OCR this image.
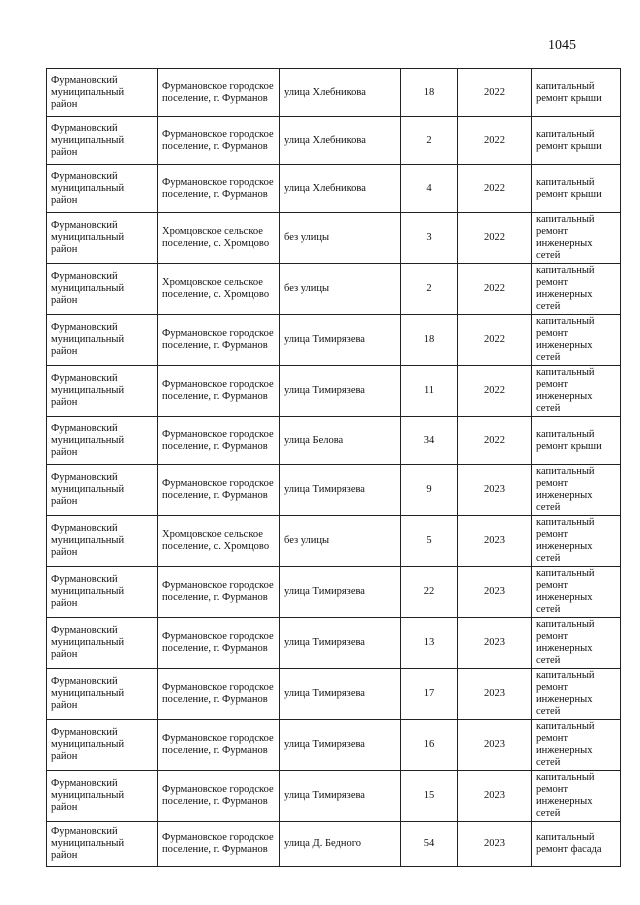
1045
Фурмановский муниципальный район	Фурмановское городское поселение, г. Фурманов	улица Хлебникова	18	2022	капитальный ремонт крыши
Фурмановский муниципальный район	Фурмановское городское поселение, г. Фурманов	улица Хлебникова	2	2022	капитальный ремонт крыши
Фурмановский муниципальный район	Фурмановское городское поселение, г. Фурманов	улица Хлебникова	4	2022	капитальный ремонт крыши
Фурмановский муниципальный район	Хромцовское сельское поселение, с. Хромцово	без улицы	3	2022	капитальный ремонт инженерных сетей
Фурмановский муниципальный район	Хромцовское сельское поселение, с. Хромцово	без улицы	2	2022	капитальный ремонт инженерных сетей
Фурмановский муниципальный район	Фурмановское городское поселение, г. Фурманов	улица Тимирязева	18	2022	капитальный ремонт инженерных сетей
Фурмановский муниципальный район	Фурмановское городское поселение, г. Фурманов	улица Тимирязева	11	2022	капитальный ремонт инженерных сетей
Фурмановский муниципальный район	Фурмановское городское поселение, г. Фурманов	улица Белова	34	2022	капитальный ремонт крыши
Фурмановский муниципальный район	Фурмановское городское поселение, г. Фурманов	улица Тимирязева	9	2023	капитальный ремонт инженерных сетей
Фурмановский муниципальный район	Хромцовское сельское поселение, с. Хромцово	без улицы	5	2023	капитальный ремонт инженерных сетей
Фурмановский муниципальный район	Фурмановское городское поселение, г. Фурманов	улица Тимирязева	22	2023	капитальный ремонт инженерных сетей
Фурмановский муниципальный район	Фурмановское городское поселение, г. Фурманов	улица Тимирязева	13	2023	капитальный ремонт инженерных сетей
Фурмановский муниципальный район	Фурмановское городское поселение, г. Фурманов	улица Тимирязева	17	2023	капитальный ремонт инженерных сетей
Фурмановский муниципальный район	Фурмановское городское поселение, г. Фурманов	улица Тимирязева	16	2023	капитальный ремонт инженерных сетей
Фурмановский муниципальный район	Фурмановское городское поселение, г. Фурманов	улица Тимирязева	15	2023	капитальный ремонт инженерных сетей
Фурмановский муниципальный район	Фурмановское городское поселение, г. Фурманов	улица Д. Бедного	54	2023	капитальный ремонт фасада
